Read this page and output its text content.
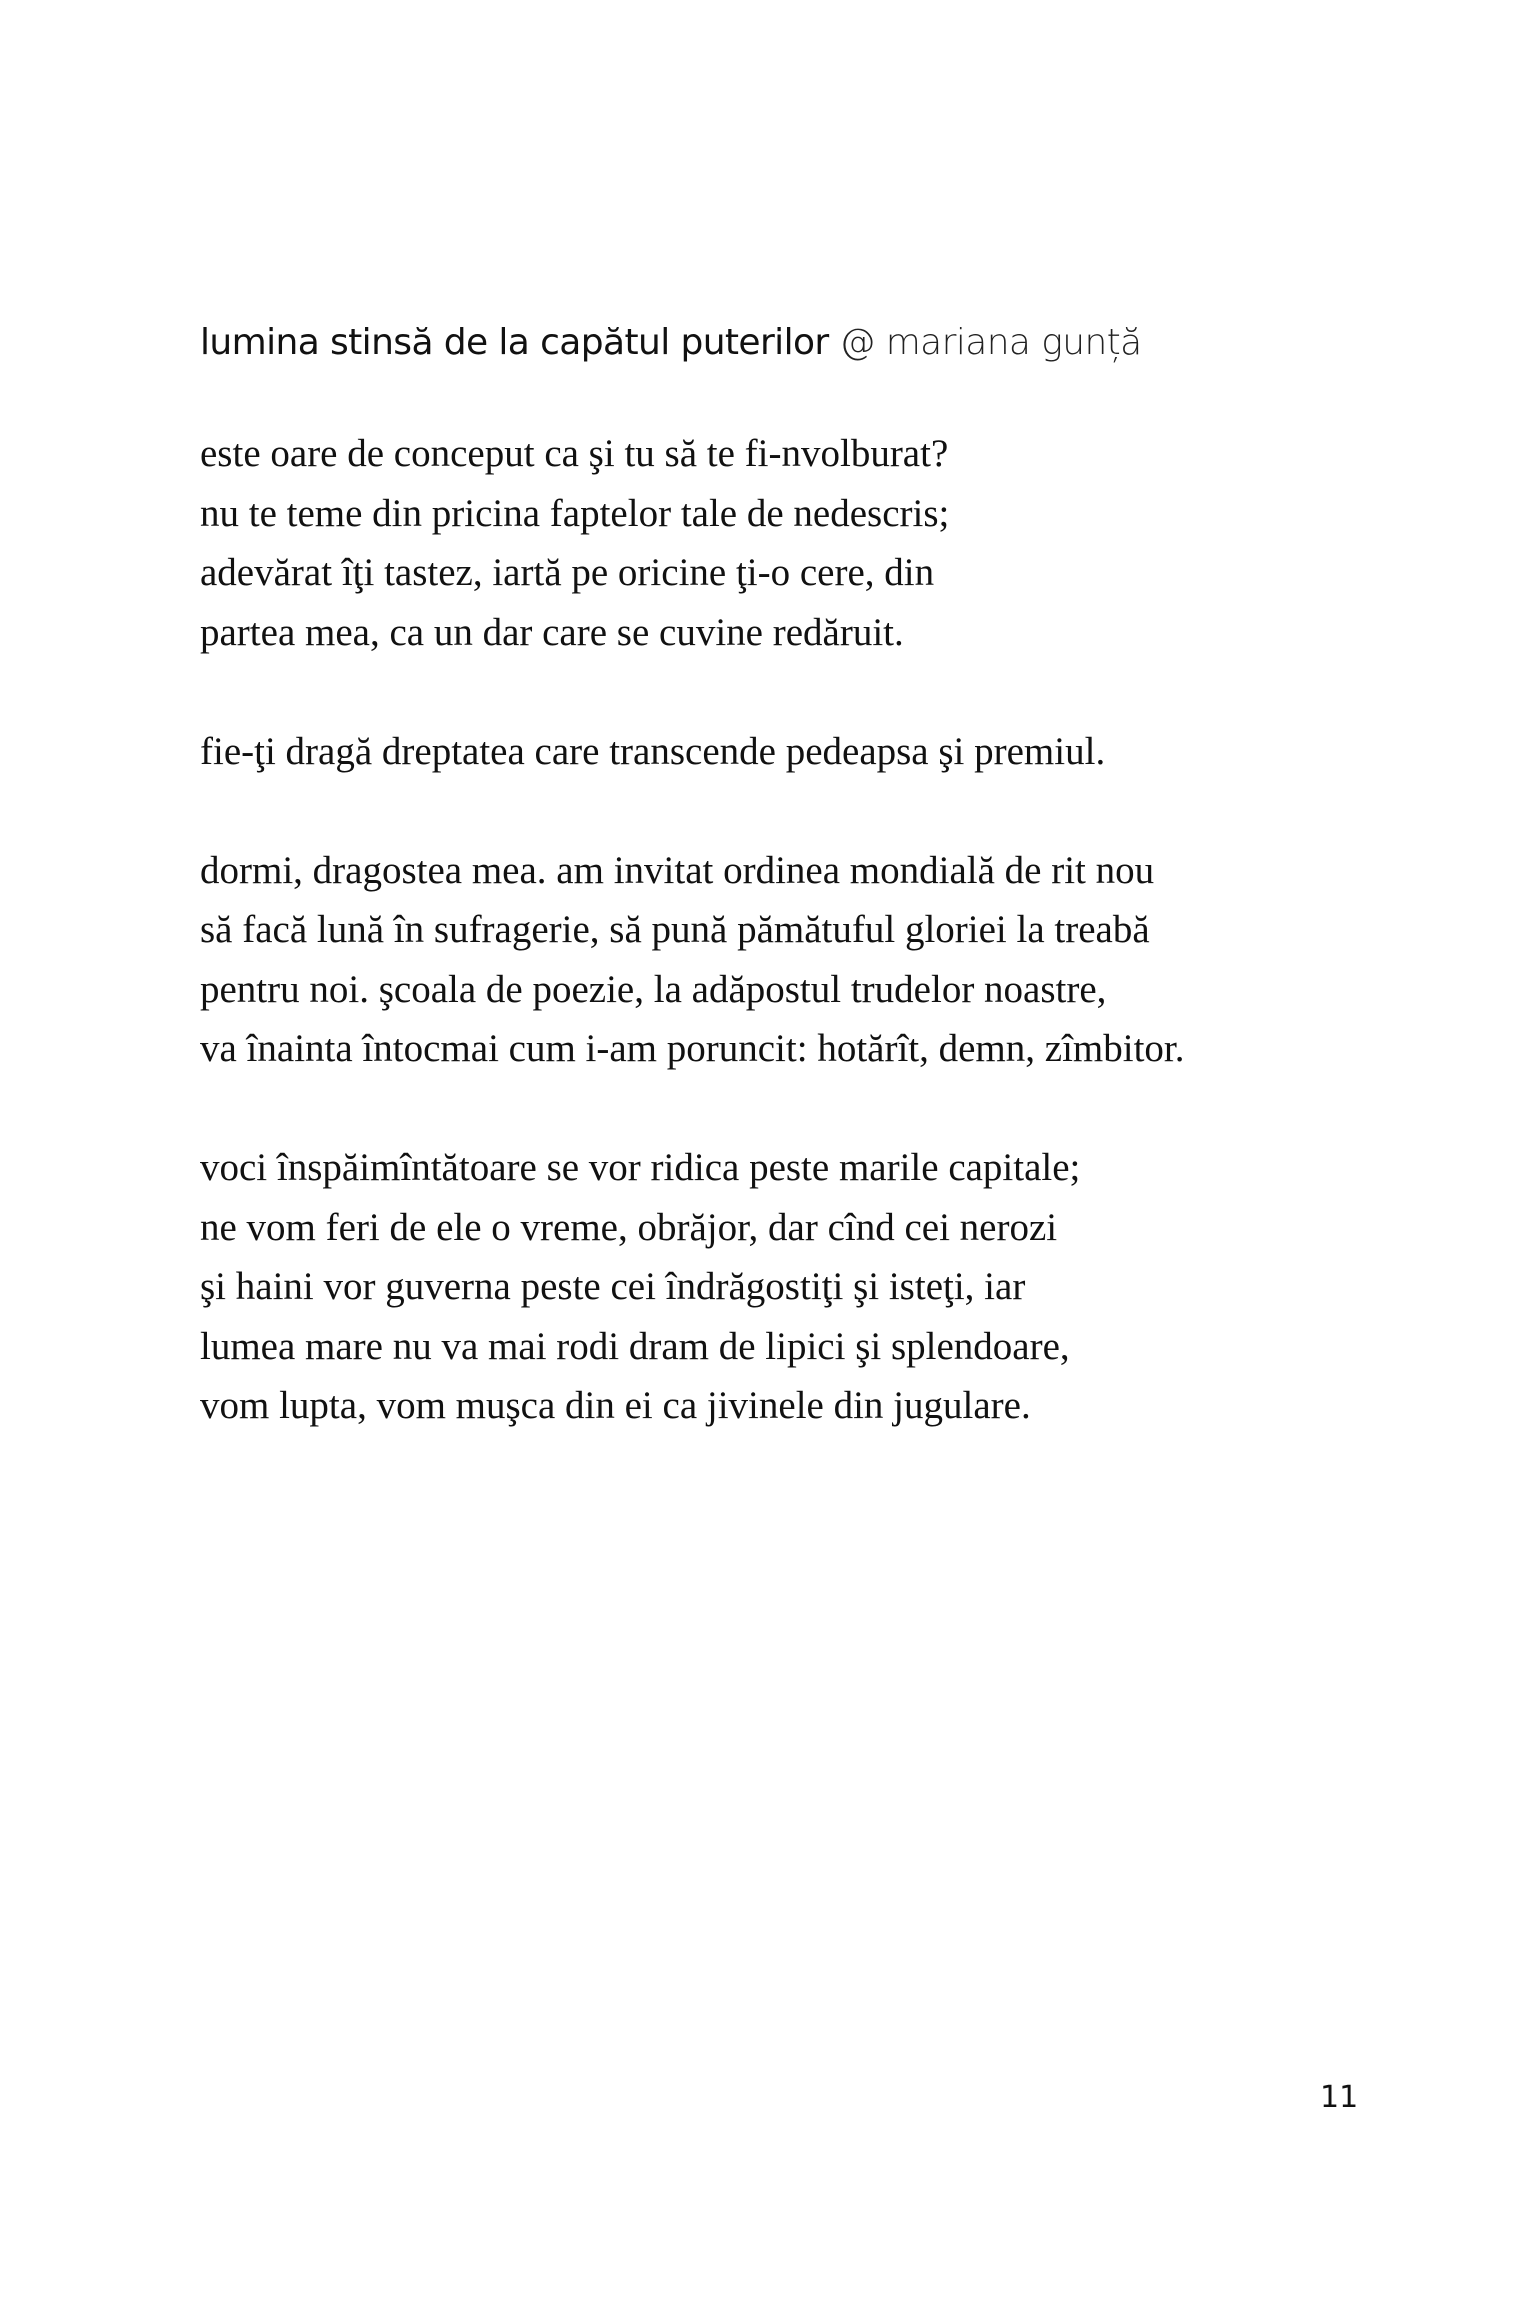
lumina stinsă de la capătul puterilor @ mariana gunță

este oare de conceput ca şi tu să te fi-nvolburat?
nu te teme din pricina faptelor tale de nedescris;
adevărat îţi tastez, iartă pe oricine ţi-o cere, din
partea mea, ca un dar care se cuvine redăruit.

fie-ţi dragă dreptatea care transcende pedeapsa şi premiul.

dormi, dragostea mea. am invitat ordinea mondială de rit nou
să facă lună în sufragerie, să pună pămătuful gloriei la treabă
pentru noi. şcoala de poezie, la adăpostul trudelor noastre,
va înainta întocmai cum i-am poruncit: hotărît, demn, zîmbitor.

voci înspăimîntătoare se vor ridica peste marile capitale;
ne vom feri de ele o vreme, obrăjor, dar cînd cei nerozi
şi haini vor guverna peste cei îndrăgostiţi şi isteţi, iar
lumea mare nu va mai rodi dram de lipici şi splendoare,
vom lupta, vom muşca din ei ca jivinele din jugulare.

11
